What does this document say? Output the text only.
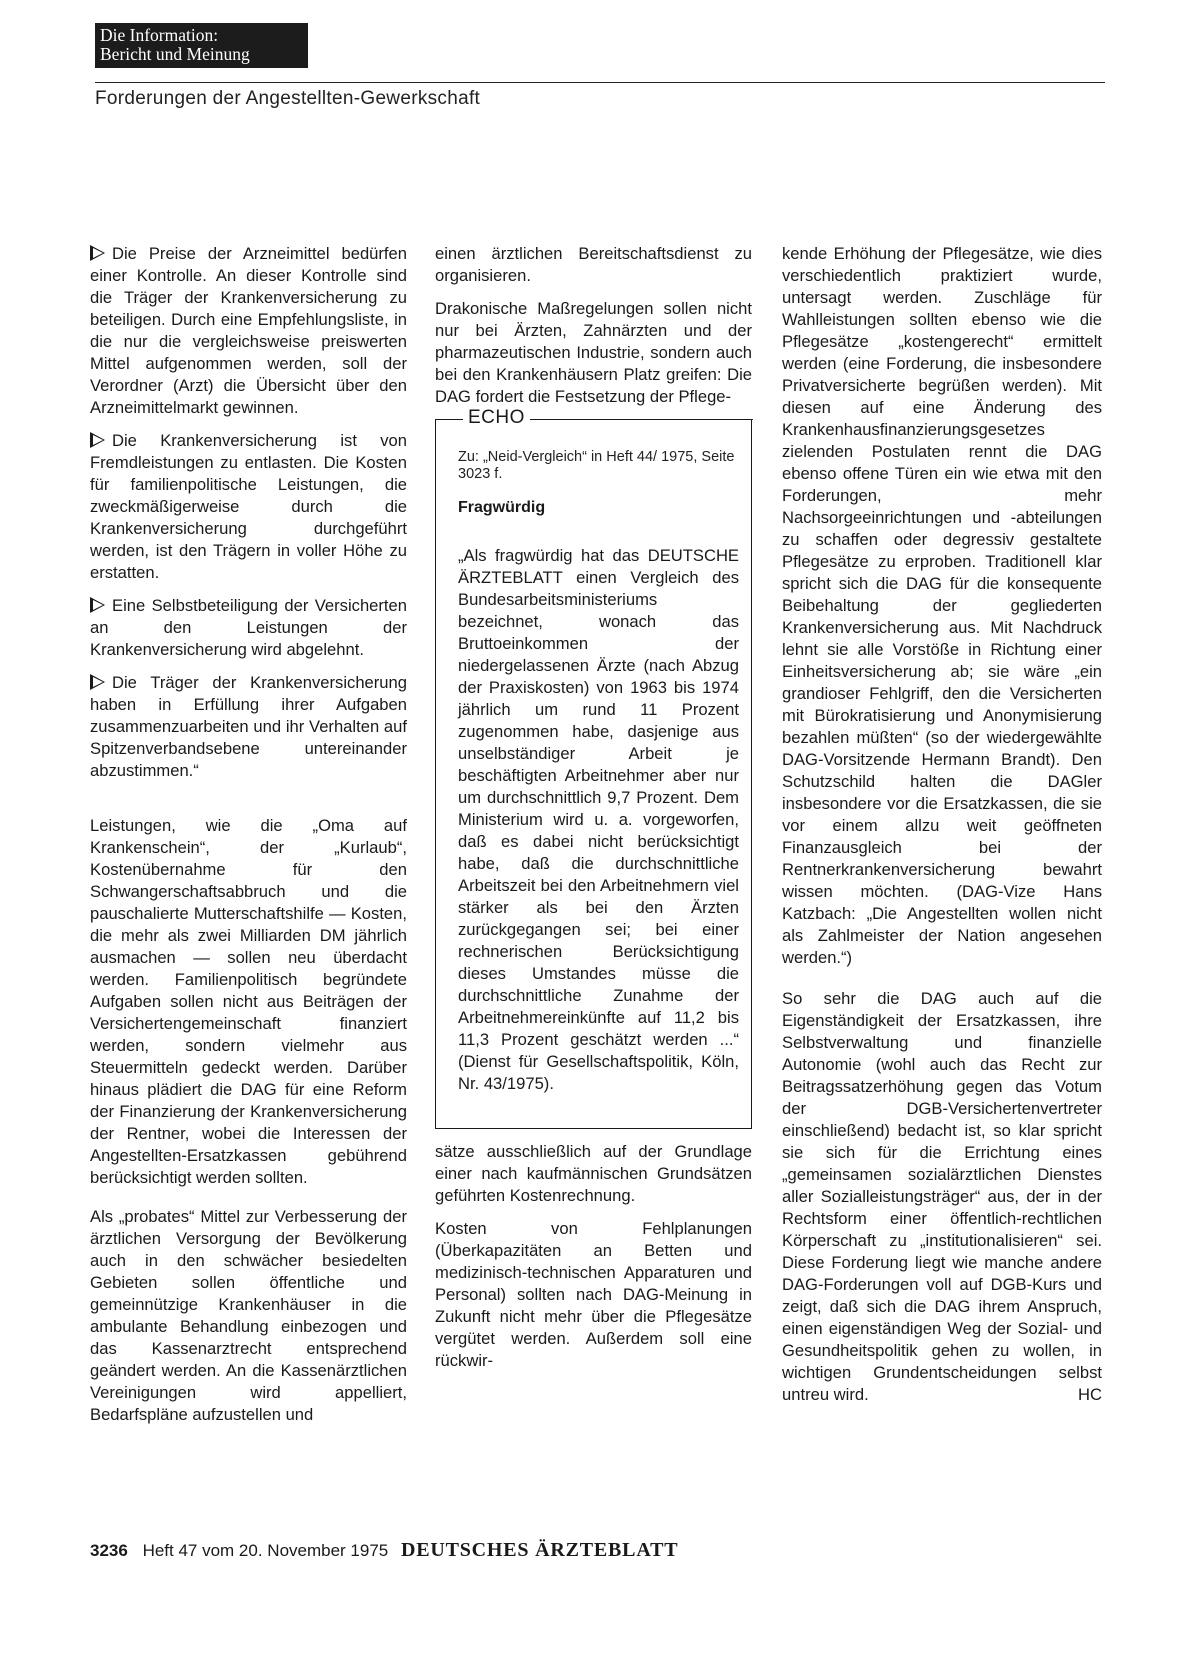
Die Information:
Bericht und Meinung
Forderungen der Angestellten-Gewerkschaft

Die Preise der Arzneimittel bedürfen einer Kontrolle. An dieser Kontrolle sind die Träger der Krankenversicherung zu beteiligen. Durch eine Empfehlungsliste, in die nur die vergleichsweise preiswerten Mittel aufgenommen werden, soll der Verordner (Arzt) die Übersicht über den Arzneimittelmarkt gewinnen.

Die Krankenversicherung ist von Fremdleistungen zu entlasten. Die Kosten für familienpolitische Leistungen, die zweckmäßigerweise durch die Krankenversicherung durchgeführt werden, ist den Trägern in voller Höhe zu erstatten.

Eine Selbstbeteiligung der Versicherten an den Leistungen der Krankenversicherung wird abgelehnt.

Die Träger der Krankenversicherung haben in Erfüllung ihrer Aufgaben zusammenzuarbeiten und ihr Verhalten auf Spitzenverbandsebene untereinander abzustimmen.“

Leistungen, wie die „Oma auf Krankenschein“, der „Kurlaub“, Kostenübernahme für den Schwangerschaftsabbruch und die pauschalierte Mutterschaftshilfe — Kosten, die mehr als zwei Milliarden DM jährlich ausmachen — sollen neu überdacht werden. Familienpolitisch begründete Aufgaben sollen nicht aus Beiträgen der Versichertengemeinschaft finanziert werden, sondern vielmehr aus Steuermitteln gedeckt werden. Darüber hinaus plädiert die DAG für eine Reform der Finanzierung der Krankenversicherung der Rentner, wobei die Interessen der Angestellten-Ersatzkassen gebührend berücksichtigt werden sollten.

Als „probates“ Mittel zur Verbesserung der ärztlichen Versorgung der Bevölkerung auch in den schwächer besiedelten Gebieten sollen öffentliche und gemeinnützige Krankenhäuser in die ambulante Behandlung einbezogen und das Kassenarztrecht entsprechend geändert werden. An die Kassenärztlichen Vereinigungen wird appelliert, Bedarfspläne aufzustellen und

einen ärztlichen Bereitschaftsdienst zu organisieren.

Drakonische Maßregelungen sollen nicht nur bei Ärzten, Zahnärzten und der pharmazeutischen Industrie, sondern auch bei den Krankenhäusern Platz greifen: Die DAG fordert die Festsetzung der Pflege-

ECHO
Zu: „Neid-Vergleich“ in Heft 44/ 1975, Seite 3023 f.
Fragwürdig

„Als fragwürdig hat das DEUTSCHE ÄRZTEBLATT einen Vergleich des Bundesarbeitsministeriums bezeichnet, wonach das Bruttoeinkommen der niedergelassenen Ärzte (nach Abzug der Praxiskosten) von 1963 bis 1974 jährlich um rund 11 Prozent zugenommen habe, dasjenige aus unselbständiger Arbeit je beschäftigten Arbeitnehmer aber nur um durchschnittlich 9,7 Prozent. Dem Ministerium wird u. a. vorgeworfen, daß es dabei nicht berücksichtigt habe, daß die durchschnittliche Arbeitszeit bei den Arbeitnehmern viel stärker als bei den Ärzten zurückgegangen sei; bei einer rechnerischen Berücksichtigung dieses Umstandes müsse die durchschnittliche Zunahme der Arbeitnehmereinkünfte auf 11,2 bis 11,3 Prozent geschätzt werden ...“ (Dienst für Gesellschaftspolitik, Köln, Nr. 43/1975).

sätze ausschließlich auf der Grundlage einer nach kaufmännischen Grundsätzen geführten Kostenrechnung.

Kosten von Fehlplanungen (Überkapazitäten an Betten und medizinisch-technischen Apparaturen und Personal) sollten nach DAG-Meinung in Zukunft nicht mehr über die Pflegesätze vergütet werden. Außerdem soll eine rückwir-

kende Erhöhung der Pflegesätze, wie dies verschiedentlich praktiziert wurde, untersagt werden. Zuschläge für Wahlleistungen sollten ebenso wie die Pflegesätze „kostengerecht“ ermittelt werden (eine Forderung, die insbesondere Privatversicherte begrüßen werden). Mit diesen auf eine Änderung des Krankenhausfinanzierungsgesetzes zielenden Postulaten rennt die DAG ebenso offene Türen ein wie etwa mit den Forderungen, mehr Nachsorgeeinrichtungen und -abteilungen zu schaffen oder degressiv gestaltete Pflegesätze zu erproben. Traditionell klar spricht sich die DAG für die konsequente Beibehaltung der gegliederten Krankenversicherung aus. Mit Nachdruck lehnt sie alle Vorstöße in Richtung einer Einheitsversicherung ab; sie wäre „ein grandioser Fehlgriff, den die Versicherten mit Bürokratisierung und Anonymisierung bezahlen müßten“ (so der wiedergewählte DAG-Vorsitzende Hermann Brandt). Den Schutzschild halten die DAGler insbesondere vor die Ersatzkassen, die sie vor einem allzu weit geöffneten Finanzausgleich bei der Rentnerkrankenversicherung bewahrt wissen möchten. (DAG-Vize Hans Katzbach: „Die Angestellten wollen nicht als Zahlmeister der Nation angesehen werden.“)

So sehr die DAG auch auf die Eigenständigkeit der Ersatzkassen, ihre Selbstverwaltung und finanzielle Autonomie (wohl auch das Recht zur Beitragssatzerhöhung gegen das Votum der DGB-Versichertenvertreter einschließend) bedacht ist, so klar spricht sie sich für die Errichtung eines „gemeinsamen sozialärztlichen Dienstes aller Sozialleistungsträger“ aus, der in der Rechtsform einer öffentlich-rechtlichen Körperschaft zu „institutionalisieren“ sei. Diese Forderung liegt wie manche andere DAG-Forderungen voll auf DGB-Kurs und zeigt, daß sich die DAG ihrem Anspruch, einen eigenständigen Weg der Sozial- und Gesundheitspolitik gehen zu wollen, in wichtigen Grundentscheidungen selbst untreu wird.	HC

3236 Heft 47 vom 20. November 1975 DEUTSCHES ÄRZTEBLATT
